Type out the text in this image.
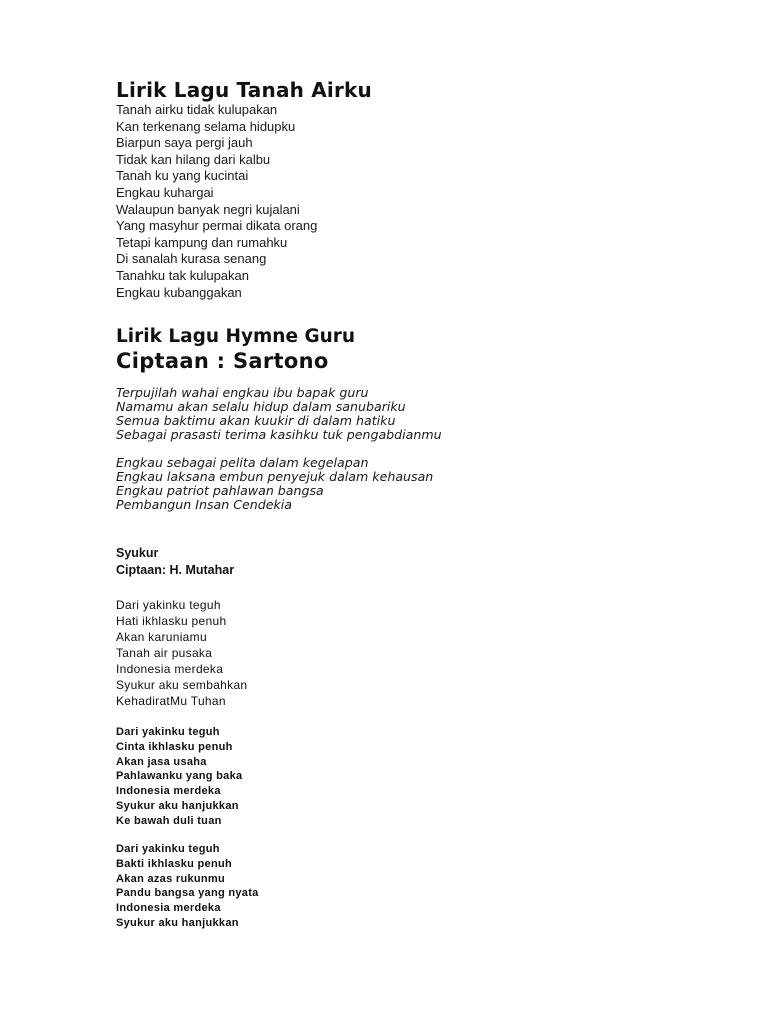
Lirik Lagu Tanah Airku
Tanah airku tidak kulupakan
Kan terkenang selama hidupku
Biarpun saya pergi jauh
Tidak kan hilang dari kalbu
Tanah ku yang kucintai
Engkau kuhargai
Walaupun banyak negri kujalani
Yang masyhur permai dikata orang
Tetapi kampung dan rumahku
Di sanalah kurasa senang
Tanahku tak kulupakan
Engkau kubanggakan
Lirik Lagu Hymne Guru
Ciptaan : Sartono
Terpujilah wahai engkau ibu bapak guru
Namamu akan selalu hidup dalam sanubariku
Semua baktimu akan kuukir di dalam hatiku
Sebagai prasasti terima kasihku tuk pengabdianmu
Engkau sebagai pelita dalam kegelapan
Engkau laksana embun penyejuk dalam kehausan
Engkau patriot pahlawan bangsa
Pembangun Insan Cendekia
Syukur
Ciptaan: H. Mutahar
Dari yakinku teguh
Hati ikhlasku penuh
Akan karuniamu
Tanah air pusaka
Indonesia merdeka
Syukur aku sembahkan
KehadiratMu Tuhan
Dari yakinku teguh
Cinta ikhlasku penuh
Akan jasa usaha
Pahlawanku yang baka
Indonesia merdeka
Syukur aku hanjukkan
Ke bawah duli tuan
Dari yakinku teguh
Bakti ikhlasku penuh
Akan azas rukunmu
Pandu bangsa yang nyata
Indonesia merdeka
Syukur aku hanjukkan
